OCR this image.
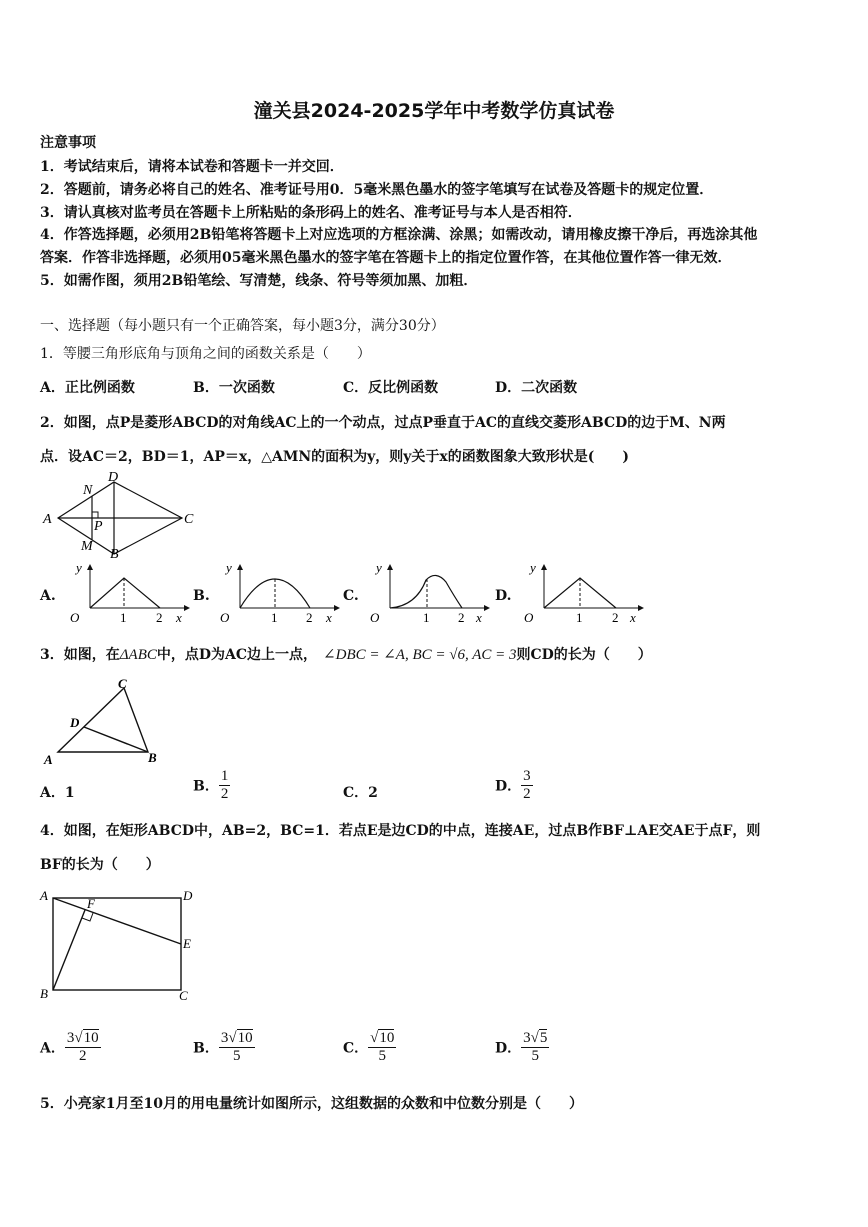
潼关县2024-2025学年中考数学仿真试卷
注意事项
1．考试结束后，请将本试卷和答题卡一并交回．
2．答题前，请务必将自己的姓名、准考证号用0．5毫米黑色墨水的签字笔填写在试卷及答题卡的规定位置．
3．请认真核对监考员在答题卡上所粘贴的条形码上的姓名、准考证号与本人是否相符．
4．作答选择题，必须用2B铅笔将答题卡上对应选项的方框涂满、涂黑；如需改动，请用橡皮擦干净后，再选涂其他
答案．作答非选择题，必须用05毫米黑色墨水的签字笔在答题卡上的指定位置作答，在其他位置作答一律无效．
5．如需作图，须用2B铅笔绘、写清楚，线条、符号等须加黑、加粗．
一、选择题（每小题只有一个正确答案，每小题3分，满分30分）
1．等腰三角形底角与顶角之间的函数关系是（　　）
A．正比例函数	B．一次函数	C．反比例函数	D．二次函数
2．如图，点P是菱形ABCD的对角线AC上的一个动点，过点P垂直于AC的直线交菱形ABCD的边于M、N两
点．设AC＝2，BD＝1，AP＝x，△AMN的面积为y，则y关于x的函数图象大致形状是(　　)
A
D
C
B
N
M
P
A.
y
O	1 2 x
B.
y
O	1 2 x
C.
y
O	1 2 x
D.
y
O	1 2 x
3．如图，在ΔABC中，点D为AC边上一点， ∠DBC = ∠A, BC = √6, AC = 3则CD的长为（　　）
C
D
A	B
A．1	B． $\frac{1}{2}$	C．2	D． $\frac{3}{2}$
4．如图，在矩形ABCD中，AB=2，BC=1．若点E是边CD的中点，连接AE，过点B作BF⊥AE交AE于点F，则
BF的长为（　　）
A	D
E
B	C
F
A． $\frac{3√10}{2}$	B． $\frac{3√10}{5}$	C． $\frac{√10}{5}$	D． $\frac{3√5}{5}$
5．小亮家1月至10月的用电量统计如图所示，这组数据的众数和中位数分别是（　　）
